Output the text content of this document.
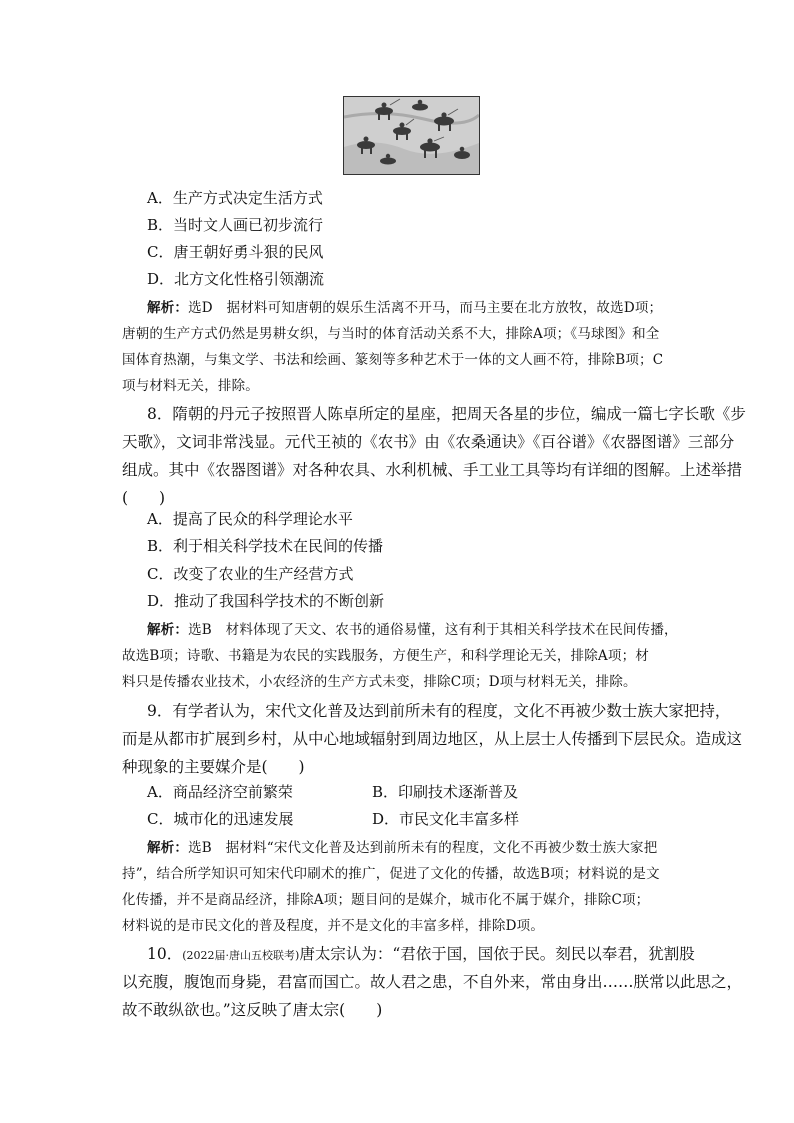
A．生产方式决定生活方式
B．当时文人画已初步流行
C．唐王朝好勇斗狠的民风
D．北方文化性格引领潮流
解析：选D　据材料可知唐朝的娱乐生活离不开马，而马主要在北方放牧，故选D项；
唐朝的生产方式仍然是男耕女织，与当时的体育活动关系不大，排除A项；《马球图》和全
国体育热潮，与集文学、书法和绘画、篆刻等多种艺术于一体的文人画不符，排除B项；C
项与材料无关，排除。
8．隋朝的丹元子按照晋人陈卓所定的星座，把周天各星的步位，编成一篇七字长歌《步
天歌》，文词非常浅显。元代王祯的《农书》由《农桑通诀》《百谷谱》《农器图谱》三部分
组成。其中《农器图谱》对各种农具、水利机械、手工业工具等均有详细的图解。上述举措
(　　)
A．提高了民众的科学理论水平
B．利于相关科学技术在民间的传播
C．改变了农业的生产经营方式
D．推动了我国科学技术的不断创新
解析：选B　材料体现了天文、农书的通俗易懂，这有利于其相关科学技术在民间传播，
故选B项；诗歌、书籍是为农民的实践服务，方便生产，和科学理论无关，排除A项；材
料只是传播农业技术，小农经济的生产方式未变，排除C项；D项与材料无关，排除。
9．有学者认为，宋代文化普及达到前所未有的程度，文化不再被少数士族大家把持，
而是从都市扩展到乡村，从中心地域辐射到周边地区，从上层士人传播到下层民众。造成这
种现象的主要媒介是(　　)
A．商品经济空前繁荣	B．印刷技术逐渐普及
C．城市化的迅速发展	D．市民文化丰富多样
解析：选B　据材料“宋代文化普及达到前所未有的程度，文化不再被少数士族大家把
持”，结合所学知识可知宋代印刷术的推广，促进了文化的传播，故选B项；材料说的是文
化传播，并不是商品经济，排除A项；题目问的是媒介，城市化不属于媒介，排除C项；
材料说的是市民文化的普及程度，并不是文化的丰富多样，排除D项。
10．(2022届·唐山五校联考)唐太宗认为：“君依于国，国依于民。刻民以奉君，犹割股
以充腹，腹饱而身毙，君富而国亡。故人君之患，不自外来，常由身出……朕常以此思之，
故不敢纵欲也。”这反映了唐太宗(　　)
